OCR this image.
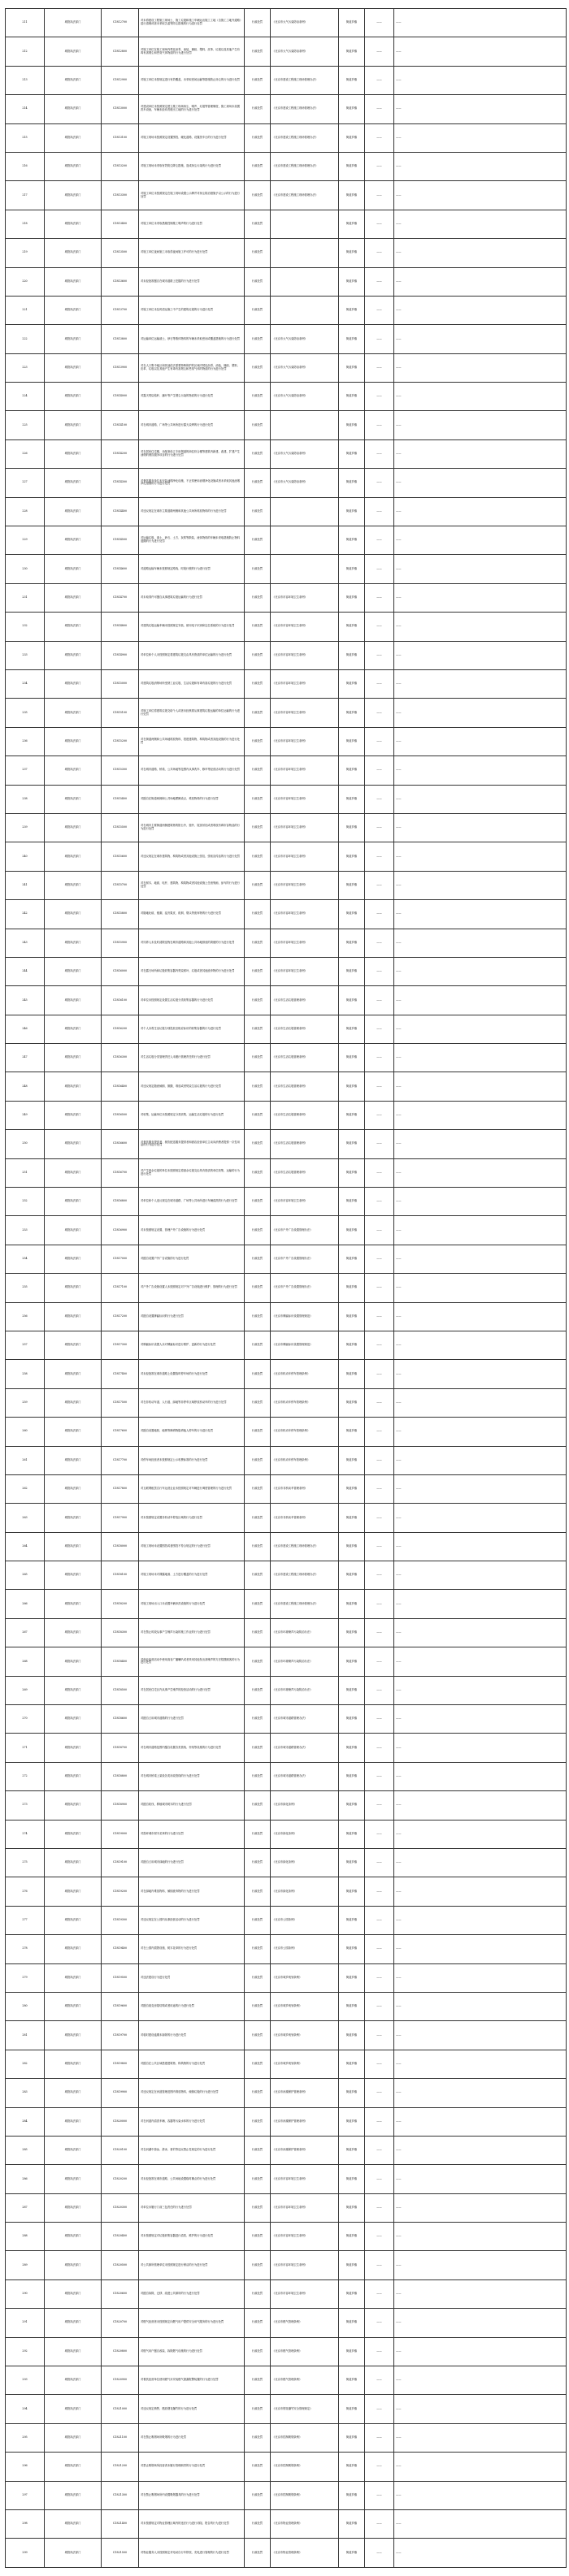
211	城管执法部门	C1812700	对未将建设工程施工现场土、施工垃圾和施工车辆运出施工工地（含施工工地外道路）进行清理或者未采取苫盖等防尘措施的行为进行处罚	行政处罚	《北京市大气污染防治条例》	街道乡镇	——	——
212	城管执法部门	C1812800	对施工单位在施工现场内焚烧沥青、油毡、橡胶、塑料、皮革、垃圾以及其他产生有毒有害烟尘和恶臭气体物质的行为进行处罚	行政处罚	《北京市大气污染防治条例》	街道乡镇	——	——
213	城管执法部门	C1812900	对施工单位未按规定进行有效覆盖，未采取密闭运输等措施防止扬尘的行为进行处罚	行政处罚	《北京市建设工程施工现场管理办法》	街道乡镇	——	——
214	城管执法部门	C1813000	对建设单位未按照规定建立施工现场扬尘、噪声、垃圾等管理制度，施工现场未设置洗车设备，车辆未经冲洗驶出工地的行为进行处罚	行政处罚	《北京市建设工程施工现场管理办法》	街道乡镇	——	——
215	城管执法部门	C1813100	对施工现场未按照规定设置围挡、硬化道路、设置洗车台的行为进行处罚	行政处罚	《北京市建设工程施工现场管理办法》	街道乡镇	——	——
216	城管执法部门	C1813200	对施工现场未采取有效防尘降尘措施，造成扬尘污染的行为进行处罚	行政处罚	《北京市建设工程施工现场管理办法》	街道乡镇	——	——
217	城管执法部门	C1813300	对施工单位未按照规定在施工现场设置公示牌并对扬尘防治措施予以公示的行为进行处罚	行政处罚	《北京市建设工程施工现场管理办法》	街道乡镇	——	——
218	城管执法部门	C1813400	对施工单位未采取措施控制施工噪声的行为进行处罚	行政处罚		街道乡镇	——	——
219	城管执法部门	C1813500	对施工单位夜间施工未取得夜间施工许可的行为进行处罚	行政处罚		街道乡镇	——	——
220	城管执法部门	C1813600	对未经批准擅自在城市道路上挖掘的行为进行处罚	行政处罚		街道乡镇	——	——
221	城管执法部门	C1813700	对施工单位未及时清运施工中产生的建筑垃圾的行为进行处罚	行政处罚		街道乡镇	——	——
222	城管执法部门	C1813800	对运输单位运输渣土、砂石等散体物料的车辆未采取密闭或覆盖措施的行为进行处罚	行政处罚	《北京市大气污染防治条例》	街道乡镇	——	——
223	城管执法部门	C1813900	对在人口集中地区和其他依法需要特殊保护的区域内焚烧沥青、油毡、橡胶、塑料、皮革、垃圾以及其他产生有毒有害烟尘和恶臭气体的物质的行为进行处罚	行政处罚	《北京市大气污染防治条例》	街道乡镇	——	——
224	城管执法部门	C1814000	对露天焚烧秸秆、落叶等产生烟尘污染的物质的行为进行处罚	行政处罚	《北京市大气污染防治条例》	街道乡镇	——	——
225	城管执法部门	C1814100	对在城市道路、广场等公共场所进行露天烧烤的行为进行处罚	行政处罚		街道乡镇	——	——
226	城管执法部门	C1814200	对在居民住宅楼、未配套设立专用烟道的商住综合楼等建筑内新建、改建、扩建产生油烟的餐饮服务项目的行为进行处罚	行政处罚	《北京市大气污染防治条例》	街道乡镇	——	——
227	城管执法部门	C1814300	对餐饮服务单位未安装油烟净化设施、不正常使用油烟净化设施或者未采取其他油烟净化措施的行为进行处罚	行政处罚	《北京市大气污染防治条例》	街道乡镇	——	——
228	城管执法部门	C1814400	对违反规定在城市主要道路两侧和其他公共场所堆放物料的行为进行处罚	行政处罚		街道乡镇	——	——
229	城管执法部门	C1814500	对运输垃圾、渣土、砂石、土方、灰浆等散装、流体物料的车辆未采取措施防止物料遗撒的行为进行处罚	行政处罚		街道乡镇	——	——
230	城管执法部门	C1814600	对道路运输车辆未按照规定路线、时段行驶的行为进行处罚	行政处罚		街道乡镇	——	——
231	城管执法部门	C1814700	对未取得许可擅自从事建筑垃圾运输的行为进行处罚	行政处罚	《北京市市容环境卫生条例》	街道乡镇	——	——
232	城管执法部门	C1814800	对建筑垃圾运输车辆未按照规定安装、使用电子识别和定位系统的行为进行处罚	行政处罚	《北京市市容环境卫生条例》	街道乡镇	——	——
233	城管执法部门	C1814900	对单位和个人未按照规定将建筑垃圾交由具有资质的单位运输的行为进行处罚	行政处罚	《北京市市容环境卫生条例》	街道乡镇	——	——
234	城管执法部门	C1815000	对建筑垃圾消纳场所受纳工业垃圾、生活垃圾和有毒有害垃圾的行为进行处罚	行政处罚	《北京市市容环境卫生条例》	街道乡镇	——	——
235	城管执法部门	C1815100	对施工单位将建筑垃圾交给个人或者未经核准从事建筑垃圾运输的单位运输的行为进行处罚	行政处罚	《北京市市容环境卫生条例》	街道乡镇	——	——
236	城管执法部门	C1815200	对在街道两侧和公共场地堆放物料、搭建建筑物、构筑物或者其他设施的行为进行处罚	行政处罚	《北京市市容环境卫生条例》	街道乡镇	——	——
237	城管执法部门	C1815300	对在城市道路、桥梁、公共场地等范围内从事洗车、修车等经营活动的行为进行处罚	行政处罚	《北京市市容环境卫生条例》	街道乡镇	——	——
238	城管执法部门	C1815400	对擅自在街道两侧和公共场地摆摊设点、堆放物料的行为进行处罚	行政处罚	《北京市市容环境卫生条例》	街道乡镇	——	——
239	城管执法部门	C1815500	对在城市主要街道两侧建筑物的阳台外、窗外、屋顶吊挂或者堆放有碍市容物品的行为进行处罚	行政处罚	《北京市市容环境卫生条例》	街道乡镇	——	——
240	城管执法部门	C1815600	对违反规定在城市建筑物、构筑物或者其他设施上张挂、张贴宣传品的行为进行处罚	行政处罚	《北京市市容环境卫生条例》	街道乡镇	——	——
241	城管执法部门	C1815700	对在树木、地面、电杆、建筑物、构筑物或者其他设施上任意刻画、涂写的行为进行处罚	行政处罚	《北京市市容环境卫生条例》	街道乡镇	——	——
242	城管执法部门	C1815800	对随地吐痰、便溺，乱扔果皮、纸屑、烟头等废弃物的行为进行处罚	行政处罚	《北京市市容环境卫生条例》	街道乡镇	——	——
243	城管执法部门	C1815900	对饲养人未及时清除宠物在城市道路和其他公共场地排放的粪便的行为进行处罚	行政处罚	《北京市市容环境卫生条例》	街道乡镇	——	——
244	城管执法部门	C1816000	对在露天场所和垃圾收集容器内焚烧树叶、垃圾或者其他废弃物的行为进行处罚	行政处罚	《北京市市容环境卫生条例》	街道乡镇	——	——
245	城管执法部门	C1816100	对单位未按照规定设置生活垃圾分类收集容器的行为进行处罚	行政处罚	《北京市生活垃圾管理条例》	街道乡镇	——	——
246	城管执法部门	C1816200	对个人未将生活垃圾分别投放至相应标识的收集容器的行为进行处罚	行政处罚	《北京市生活垃圾管理条例》	街道乡镇	——	——
247	城管执法部门	C1816300	对生活垃圾分类管理责任人未履行管理责任的行为进行处罚	行政处罚	《北京市生活垃圾管理条例》	街道乡镇	——	——
248	城管执法部门	C1816400	对违反规定随意倾倒、抛撒、堆放或者焚烧生活垃圾的行为进行处罚	行政处罚	《北京市生活垃圾管理条例》	街道乡镇	——	——
249	城管执法部门	C1816500	对收集、运输单位未按照规定分类收集、运输生活垃圾的行为进行处罚	行政处罚	《北京市生活垃圾管理条例》	街道乡镇	——	——
250	城管执法部门	C1816600	对餐饮服务提供者、餐饮配送服务提供者和酒店经营单位主动向消费者提供一次性用品的行为进行处罚	行政处罚	《北京市生活垃圾管理条例》	街道乡镇	——	——
251	城管执法部门	C1816700	对产生厨余垃圾的单位未按照规定将厨余垃圾交由具有资质的单位收集、运输的行为进行处罚	行政处罚	《北京市生活垃圾管理条例》	街道乡镇	——	——
252	城管执法部门	C1816800	对单位和个人违反规定在城市道路、广场等公共场所进行车辆清洗的行为进行处罚	行政处罚	《北京市市容环境卫生条例》	街道乡镇	——	——
253	城管执法部门	C1816900	对未按照规定设置、管理户外广告设施的行为进行处罚	行政处罚	《北京市户外广告设置管理办法》	街道乡镇	——	——
254	城管执法部门	C1817000	对擅自设置户外广告设施的行为进行处罚	行政处罚	《北京市户外广告设置管理办法》	街道乡镇	——	——
255	城管执法部门	C1817100	对户外广告设施设置人未按照规定对户外广告设施进行维护、管理的行为进行处罚	行政处罚	《北京市户外广告设置管理办法》	街道乡镇	——	——
256	城管执法部门	C1817200	对擅自设置牌匾标识的行为进行处罚	行政处罚	《北京市牌匾标识设置管理规范》	街道乡镇	——	——
257	城管执法部门	C1817300	对牌匾标识设置人未对牌匾标识进行维护、更新的行为进行处罚	行政处罚	《北京市牌匾标识设置管理规范》	街道乡镇	——	——
258	城管执法部门	C1817400	对未经批准在城市道路上设置临时停车场的行为进行处罚	行政处罚	《北京市机动车停车管理条例》	街道乡镇	——	——
259	城管执法部门	C1817500	对在非机动车道、人行道、绿地等非停车区域停放机动车的行为进行处罚	行政处罚	《北京市机动车停车管理条例》	街道乡镇	——	——
260	城管执法部门	C1817600	对擅自设置地桩、地锁等障碍物阻碍他人停车的行为进行处罚	行政处罚	《北京市机动车停车管理条例》	街道乡镇	——	——
261	城管执法部门	C1817700	对停车场经营者未按照规定公示收费标准的行为进行处罚	行政处罚	《北京市机动车停车管理条例》	街道乡镇	——	——
262	城管执法部门	C1817800	对互联网租赁自行车运营企业未按照规定对车辆进行调度管理的行为进行处罚	行政处罚	《北京市非机动车管理条例》	街道乡镇	——	——
263	城管执法部门	C1817900	对未按照规定设置非机动车停放区域的行为进行处罚	行政处罚	《北京市非机动车管理条例》	街道乡镇	——	——
264	城管执法部门	C1818000	对施工现场未设置围挡或者围挡不符合规定的行为进行处罚	行政处罚	《北京市建设工程施工现场管理办法》	街道乡镇	——	——
265	城管执法部门	C1818100	对施工现场未对裸露地面、土方进行覆盖的行为进行处罚	行政处罚	《北京市建设工程施工现场管理办法》	街道乡镇	——	——
266	城管执法部门	C1818200	对施工现场出入口未设置车辆冲洗设施的行为进行处罚	行政处罚	《北京市建设工程施工现场管理办法》	街道乡镇	——	——
267	城管执法部门	C1818300	对在禁止时段从事产生噪声污染的施工作业的行为进行处罚	行政处罚	《北京市环境噪声污染防治办法》	街道乡镇	——	——
268	城管执法部门	C1818400	对商业经营活动中使用高音广播喇叭或者采用其他发出高噪声的方法招揽顾客的行为进行处罚	行政处罚	《北京市环境噪声污染防治办法》	街道乡镇	——	——
269	城管执法部门	C1818500	对在居民住宅区内从事产生噪声的经营活动的行为进行处罚	行政处罚	《北京市环境噪声污染防治办法》	街道乡镇	——	——
270	城管执法部门	C1818600	对擅自占用城市道路的行为进行处罚	行政处罚	《北京市城市道路管理办法》	街道乡镇	——	——
271	城管执法部门	C1818700	对在城市道路范围内擅自设置各类管线、杆线等设施的行为进行处罚	行政处罚	《北京市城市道路管理办法》	街道乡镇	——	——
272	城管执法部门	C1818800	对在城市桥梁上架设各类市政管线的行为进行处罚	行政处罚	《北京市城市道路管理办法》	街道乡镇	——	——
273	城管执法部门	C1818900	对擅自砍伐、移植城市树木的行为进行处罚	行政处罚	《北京市绿化条例》	街道乡镇	——	——
274	城管执法部门	C1819000	对损坏城市树木花草的行为进行处罚	行政处罚	《北京市绿化条例》	街道乡镇	——	——
275	城管执法部门	C1819100	对擅自占用城市绿地的行为进行处罚	行政处罚	《北京市绿化条例》	街道乡镇	——	——
276	城管执法部门	C1819200	对在绿地内堆放物料、倾倒废弃物的行为进行处罚	行政处罚	《北京市绿化条例》	街道乡镇	——	——
277	城管执法部门	C1819300	对违反规定在公园内从事经营活动的行为进行处罚	行政处罚	《北京市公园条例》	街道乡镇	——	——
278	城管执法部门	C1819400	对在公园内损毁设施、树木花草的行为进行处罚	行政处罚	《北京市公园条例》	街道乡镇	——	——
279	城管执法部门	C1819500	对违法建设行为进行处罚	行政处罚	《北京市城乡规划条例》	街道乡镇	——	——
280	城管执法部门	C1819600	对擅自改变房屋结构或者用途的行为进行处罚	行政处罚	《北京市城乡规划条例》	街道乡镇	——	——
281	城管执法部门	C1819700	对临时建设逾期未拆除的行为进行处罚	行政处罚	《北京市城乡规划条例》	街道乡镇	——	——
282	城管执法部门	C1819800	对擅自在公共区域搭建建筑物、构筑物的行为进行处罚	行政处罚	《北京市城乡规划条例》	街道乡镇	——	——
283	城管执法部门	C1819900	对违反规定在河道管理范围内堆放物料、倾倒垃圾的行为进行处罚	行政处罚	《北京市河湖保护管理条例》	街道乡镇	——	——
284	城管执法部门	C1820000	对在河道内清洗车辆、容器等污染水体的行为进行处罚	行政处罚	《北京市河湖保护管理条例》	街道乡镇	——	——
285	城管执法部门	C1820100	对在河湖中游泳、滑冰、垂钓等违反禁止性规定的行为进行处罚	行政处罚	《北京市河湖保护管理条例》	街道乡镇	——	——
286	城管执法部门	C1820200	对未经批准在城市道路、公共场地设置临时摊点的行为进行处罚	行政处罚	《北京市市容环境卫生条例》	街道乡镇	——	——
287	城管执法部门	C1820300	对单位未履行门前三包责任的行为进行处罚	行政处罚	《北京市市容环境卫生条例》	街道乡镇	——	——
288	城管执法部门	C1820400	对未按照规定对垃圾收集容器进行清洗、维护的行为进行处罚	行政处罚	《北京市市容环境卫生条例》	街道乡镇	——	——
289	城管执法部门	C1820500	对公共厕所管理单位未按照规定进行保洁的行为进行处罚	行政处罚	《北京市市容环境卫生条例》	街道乡镇	——	——
290	城管执法部门	C1820600	对擅自拆除、迁移、改建公共厕所的行为进行处罚	行政处罚	《北京市市容环境卫生条例》	街道乡镇	——	——
291	城管执法部门	C1820700	对燃气经营者未按照规定向燃气用户提供安全用气服务的行为进行处罚	行政处罚	《北京市燃气管理条例》	街道乡镇	——	——
292	城管执法部门	C1820800	对燃气用户擅自改装、拆除燃气设施的行为进行处罚	行政处罚	《北京市燃气管理条例》	街道乡镇	——	——
293	城管执法部门	C1820900	对餐饮经营单位使用燃气未安装燃气泄漏报警装置的行为进行处罚	行政处罚	《北京市燃气管理条例》	街道乡镇	——	——
294	城管执法部门	C1821000	对违反规定销售、燃放烟花爆竹的行为进行处罚	行政处罚	《北京市烟花爆竹安全管理规定》	街道乡镇	——	——
295	城管执法部门	C1821100	对在禁止吸烟场所吸烟的行为进行处罚	行政处罚	《北京市控制吸烟条例》	街道乡镇	——	——
296	城管执法部门	C1821200	对禁止吸烟场所经营者未履行管理职责的行为进行处罚	行政处罚	《北京市控制吸烟条例》	街道乡镇	——	——
297	城管执法部门	C1821300	对在禁止吸烟场所内设置吸烟器具的行为进行处罚	行政处罚	《北京市控制吸烟条例》	街道乡镇	——	——
298	城管执法部门	C1821400	对未按照规定对物业管理区域内的违法行为进行劝阻、报告的行为进行处罚	行政处罚	《北京市物业管理条例》	街道乡镇	——	——
299	城管执法部门	C1821500	对物业服务人未按照规定对电动自行车停放、充电进行管理的行为进行处罚	行政处罚	《北京市物业管理条例》	街道乡镇	——	——
